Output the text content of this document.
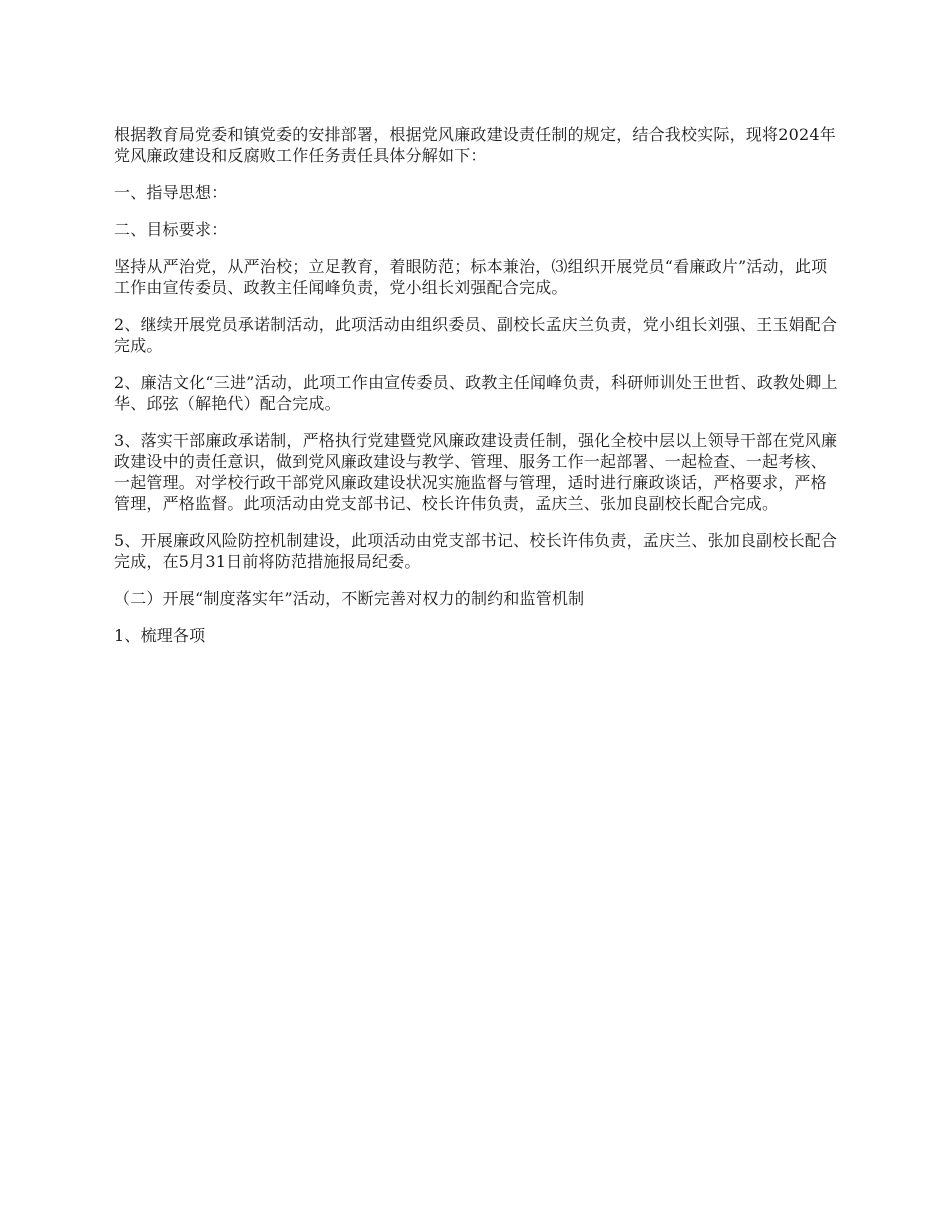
根据教育局党委和镇党委的安排部署，根据党风廉政建设责任制的规定，结合我校实际，现将2024年党风廉政建设和反腐败工作任务责任具体分解如下：

一、指导思想：

二、目标要求：

坚持从严治党，从严治校；立足教育，着眼防范；标本兼治，⑶组织开展党员“看廉政片”活动，此项工作由宣传委员、政教主任闻峰负责，党小组长刘强配合完成。

2、继续开展党员承诺制活动，此项活动由组织委员、副校长孟庆兰负责，党小组长刘强、王玉娟配合完成。

2、廉洁文化“三进”活动，此项工作由宣传委员、政教主任闻峰负责，科研师训处王世哲、政教处卿上华、邱弦（解艳代）配合完成。

3、落实干部廉政承诺制，严格执行党建暨党风廉政建设责任制，强化全校中层以上领导干部在党风廉政建设中的责任意识，做到党风廉政建设与教学、管理、服务工作一起部署、一起检查、一起考核、一起管理。对学校行政干部党风廉政建设状况实施监督与管理，适时进行廉政谈话，严格要求，严格管理，严格监督。此项活动由党支部书记、校长许伟负责，孟庆兰、张加良副校长配合完成。

5、开展廉政风险防控机制建设，此项活动由党支部书记、校长许伟负责，孟庆兰、张加良副校长配合完成，在5月31日前将防范措施报局纪委。

（二）开展“制度落实年”活动，不断完善对权力的制约和监管机制

1、梳理各项
